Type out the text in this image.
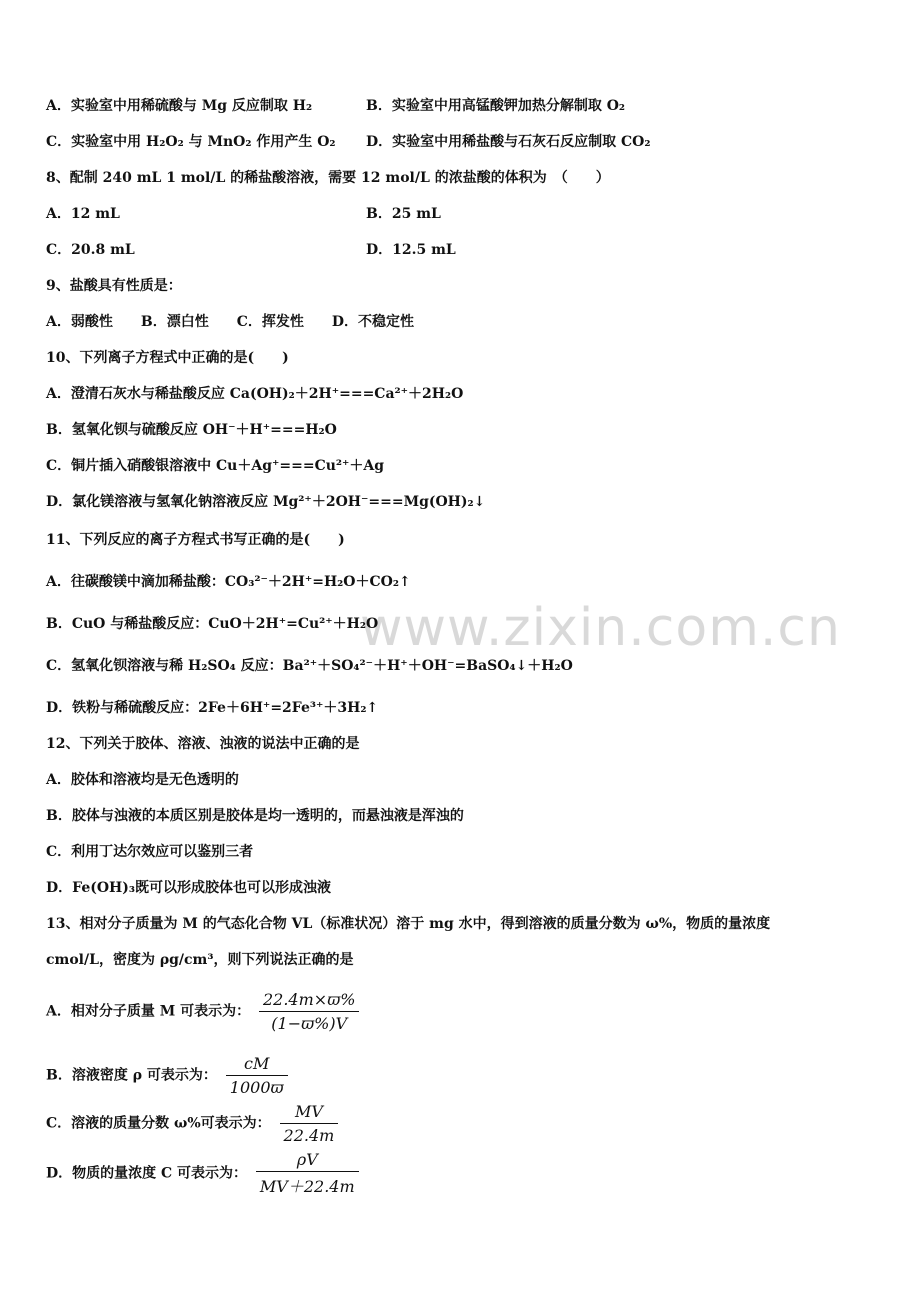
www.zixin.com.cn
A．实验室中用稀硫酸与 Mg 反应制取 H₂	B．实验室中用高锰酸钾加热分解制取 O₂
C．实验室中用 H₂O₂ 与 MnO₂ 作用产生 O₂ D．实验室中用稀盐酸与石灰石反应制取 CO₂
8、配制 240 mL 1 mol/L 的稀盐酸溶液，需要 12 mol/L 的浓盐酸的体积为　（　　）
A．12 mL	B．25 mL
C．20.8 mL	D．12.5 mL
9、盐酸具有性质是：
A．弱酸性　　B．漂白性　　C．挥发性　　D．不稳定性
10、下列离子方程式中正确的是(　　)
A．澄清石灰水与稀盐酸反应 Ca(OH)₂＋2H⁺===Ca²⁺＋2H₂O
B．氢氧化钡与硫酸反应 OH⁻＋H⁺===H₂O
C．铜片插入硝酸银溶液中 Cu＋Ag⁺===Cu²⁺＋Ag
D．氯化镁溶液与氢氧化钠溶液反应 Mg²⁺＋2OH⁻===Mg(OH)₂↓
11、下列反应的离子方程式书写正确的是(　　)
A．往碳酸镁中滴加稀盐酸：CO₃²⁻＋2H⁺=H₂O＋CO₂↑
B．CuO 与稀盐酸反应：CuO＋2H⁺=Cu²⁺＋H₂O
C．氢氧化钡溶液与稀 H₂SO₄ 反应：Ba²⁺＋SO₄²⁻＋H⁺＋OH⁻=BaSO₄↓＋H₂O
D．铁粉与稀硫酸反应：2Fe＋6H⁺=2Fe³⁺＋3H₂↑
12、下列关于胶体、溶液、浊液的说法中正确的是
A．胶体和溶液均是无色透明的
B．胶体与浊液的本质区别是胶体是均一透明的，而悬浊液是浑浊的
C．利用丁达尔效应可以鉴别三者
D．Fe(OH)₃既可以形成胶体也可以形成浊液
13、相对分子质量为 M 的气态化合物 VL（标准状况）溶于 mg 水中，得到溶液的质量分数为 ω%，物质的量浓度
cmol/L，密度为 ρg/cm³，则下列说法正确的是
A．相对分子质量 M 可表示为： $\frac{22.4m\times ϖ\%}{(1-ϖ\%)V}$
B．溶液密度 ρ 可表示为： $\frac{cM}{1000ϖ}$
C．溶液的质量分数 ω%可表示为： $\frac{MV}{22.4m}$
D．物质的量浓度 C 可表示为： $\frac{\rho V}{MV+22.4m}$
